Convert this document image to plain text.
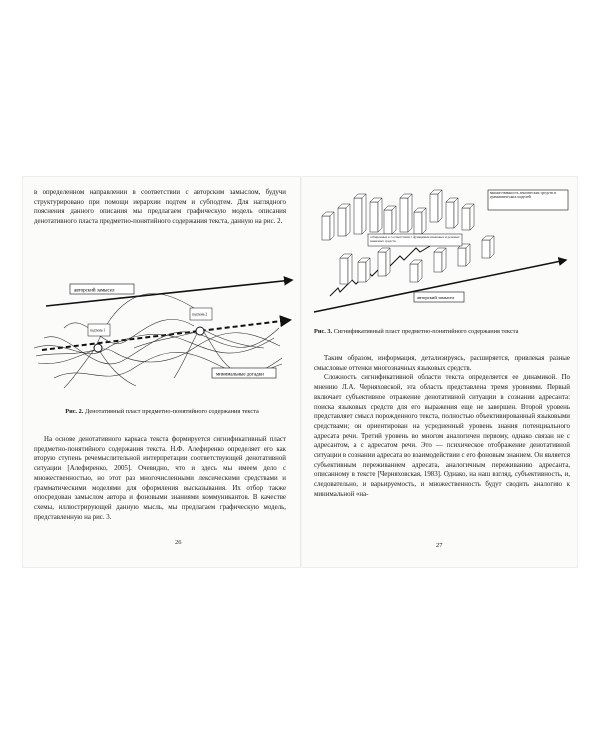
в определенном направлении в соответствии с авторским замыслом, будучи структурировано при помощи иерархии подтем и субподтем. Для наглядного пояснения данного описания мы предлагаем графическую модель описания денотативного пласта предметно-понятийного содержания текста, данную на рис. 2.

авторский замысел
подтема 1
подтема 2
минимальные догадки
Рис. 2. Денотативный пласт предметно-понятийного содержания текста

На основе денотативного каркаса текста формируется сигнификативный пласт предметно-понятийного содержания текста. Н.Ф. Алефиренко определяет его как вторую ступень речемыслительной интерпретации соответствующей денотативной ситуации [Алефиренко, 2005]. Очевидно, что и здесь мы имеем дело с множественностью, но этот раз многочисленными лексическими средствами и грамматическими моделями для оформления высказывания. Их отбор также опосредован замыслом автора и фоновыми знаниями коммуникантов. В качестве схемы, иллюстрирующей данную мысль, мы предлагаем графическую модель, представленную на рис. 3.

26
множественность лексических средств и грамматических моделей
отбираемые в соответствии с функциями языковых и речевых языковых средств
авторский замысел
Рис. 3. Сигнификативный пласт предметно-понятийного содержания текста

Таким образом, информация, детализируясь, расширяется, привлекая разные смысловые оттенки многозначных языковых средств.

Сложность сигнификативной области текста определяется ее динамикой. По мнению Л.А. Черняховской, эта область представлена тремя уровнями. Первый включает субъективное отражение денотативной ситуации в сознании адресанта: поиска языковых средств для его выражения еще не завершен. Второй уровень представляет смысл порожденного текста, полностью объективированный языковыми средствами; он ориентирован на усредненный уровень знания потенциального адресата речи. Третий уровень во многом аналогичен первому, однако связан не с адресантом, а с адресатом речи. Это — психическое отображение денотативной ситуации в сознании адресата во взаимодействии с его фоновым знанием. Он является субъективным переживанием адресата, аналогичным переживанию адресанта, описанному в тексте [Черняховская, 1983]. Однако, на наш взгляд, субъективность, и, следовательно, и варьируемость, и множественность будут сводить аналогию к минимальной «на-

27
